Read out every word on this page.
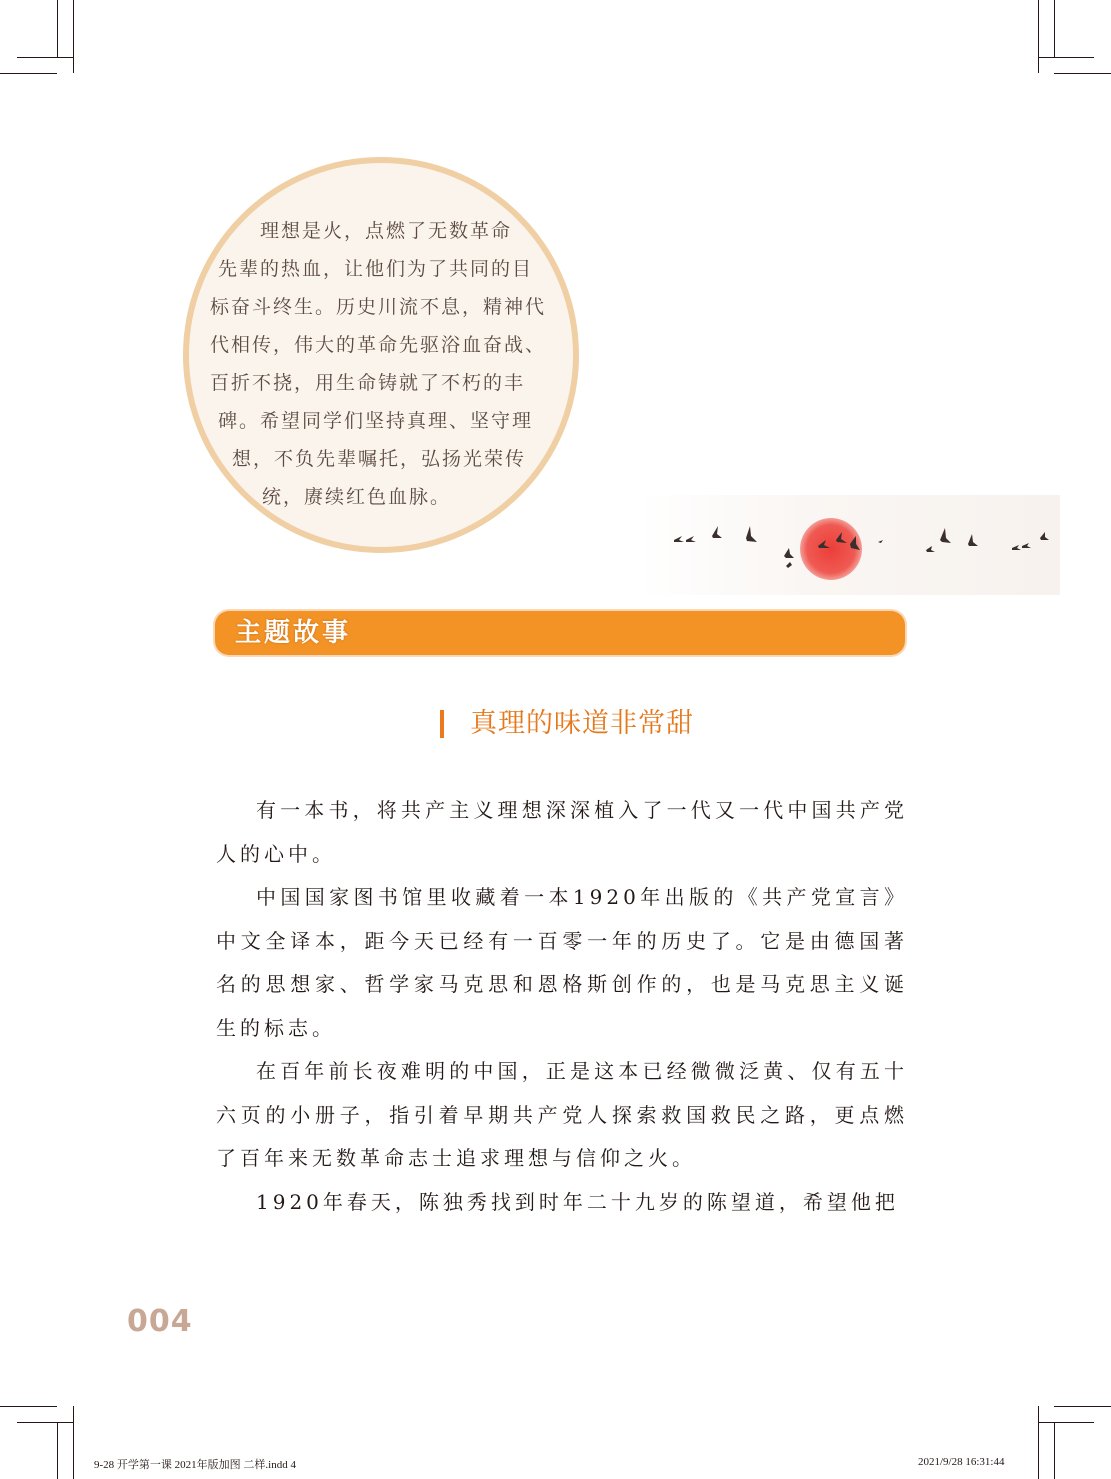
理想是火，点燃了无数革命
先辈的热血，让他们为了共同的目
标奋斗终生。历史川流不息，精神代
代相传，伟大的革命先驱浴血奋战、
百折不挠，用生命铸就了不朽的丰
碑。希望同学们坚持真理、坚守理
想，不负先辈嘱托，弘扬光荣传
统，赓续红色血脉。
主题故事
真理的味道非常甜

有一本书，将共产主义理想深深植入了一代又一代中国共产党人的心中。

中国国家图书馆里收藏着一本1920年出版的《共产党宣言》中文全译本，距今天已经有一百零一年的历史了。它是由德国著名的思想家、哲学家马克思和恩格斯创作的，也是马克思主义诞生的标志。

在百年前长夜难明的中国，正是这本已经微微泛黄、仅有五十六页的小册子，指引着早期共产党人探索救国救民之路，更点燃了百年来无数革命志士追求理想与信仰之火。

1920年春天，陈独秀找到时年二十九岁的陈望道，希望他把

004
9-28 开学第一课 2021年版加图 二样.indd 4	2021/9/28 16:31:44
